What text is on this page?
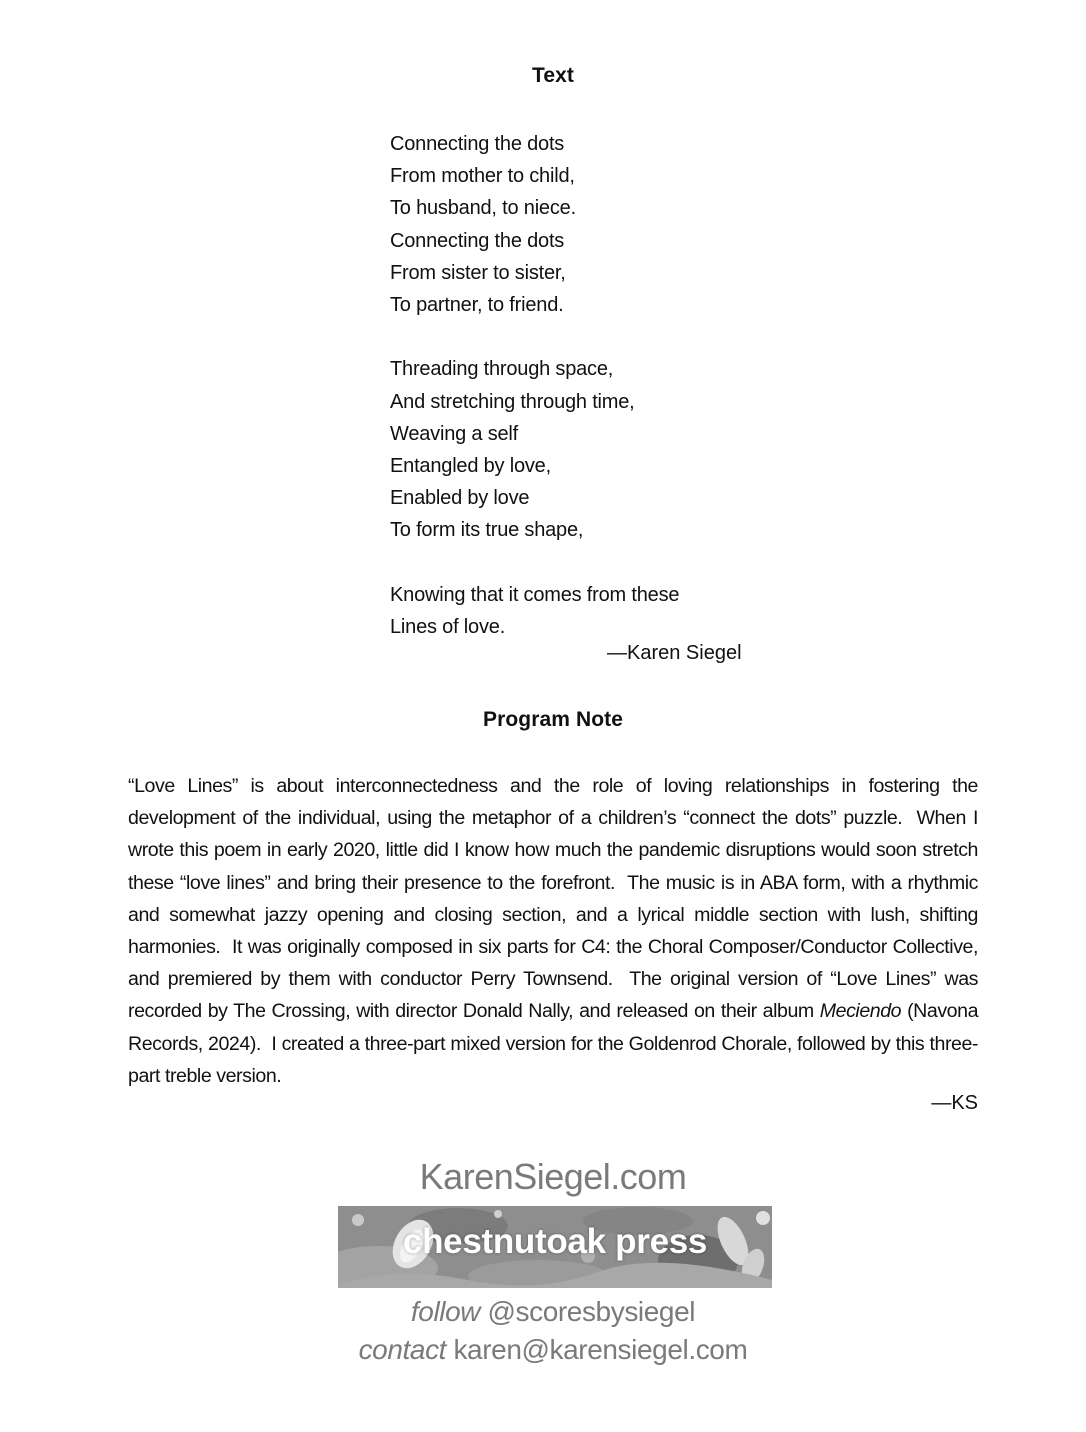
Text
Connecting the dots
From mother to child,
To husband, to niece.
Connecting the dots
From sister to sister,
To partner, to friend.
Threading through space,
And stretching through time,
Weaving a self
Entangled by love,
Enabled by love
To form its true shape,
Knowing that it comes from these
Lines of love.
—Karen Siegel
Program Note
“Love Lines” is about interconnectedness and the role of loving relationships in fostering the development of the individual, using the metaphor of a children’s “connect the dots” puzzle.  When I wrote this poem in early 2020, little did I know how much the pandemic disruptions would soon stretch these “love lines” and bring their presence to the forefront.  The music is in ABA form, with a rhythmic and somewhat jazzy opening and closing section, and a lyrical middle section with lush, shifting harmonies.  It was originally composed in six parts for C4: the Choral Composer/Conductor Collective, and premiered by them with conductor Perry Townsend.  The original version of “Love Lines” was recorded by The Crossing, with director Donald Nally, and released on their album Meciendo (Navona Records, 2024).  I created a three-part mixed version for the Goldenrod Chorale, followed by this three-part treble version.
—KS
KarenSiegel.com
chestnutoak press
follow @scoresbysiegel
contact karen@karensiegel.com
